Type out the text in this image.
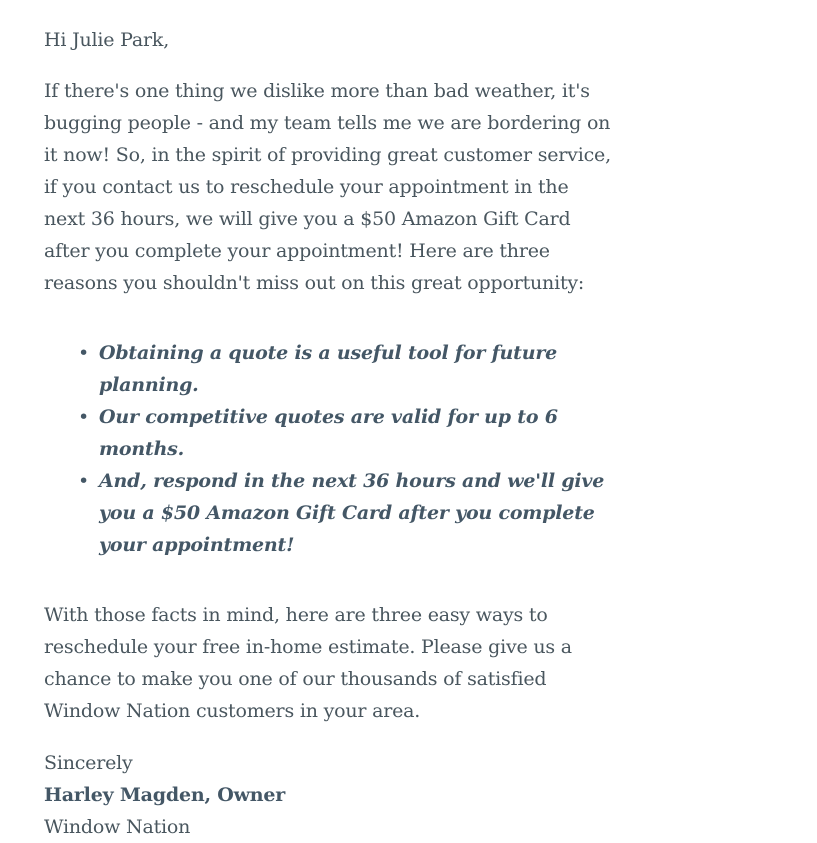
Hi Julie Park,

If there's one thing we dislike more than bad weather, it's bugging people - and my team tells me we are bordering on it now! So, in the spirit of providing great customer service, if you contact us to reschedule your appointment in the next 36 hours, we will give you a $50 Amazon Gift Card after you complete your appointment! Here are three reasons you shouldn't miss out on this great opportunity:

• Obtaining a quote is a useful tool for future planning.
• Our competitive quotes are valid for up to 6 months.
• And, respond in the next 36 hours and we'll give you a $50 Amazon Gift Card after you complete your appointment!

With those facts in mind, here are three easy ways to reschedule your free in-home estimate. Please give us a chance to make you one of our thousands of satisfied Window Nation customers in your area.

Sincerely
Harley Magden, Owner
Window Nation
